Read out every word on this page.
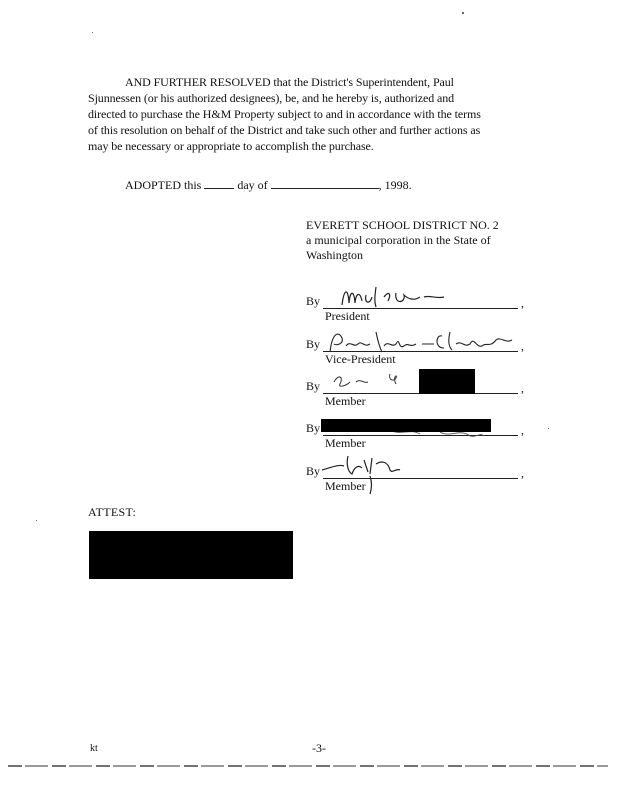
AND FURTHER RESOLVED that the District's Superintendent, Paul
Sjunnessen (or his authorized designees), be, and he hereby is, authorized and
directed to purchase the H&M Property subject to and in accordance with the terms
of this resolution on behalf of the District and take such other and further actions as
may be necessary or appropriate to accomplish the purchase.
ADOPTED this	day of	, 1998.
EVERETT SCHOOL DISTRICT NO. 2
a municipal corporation in the State of
Washington
By	,
President
By	,
Vice-President
By	,
Member
By	,
Member
By	,
Member
ATTEST:
kt	-3-
